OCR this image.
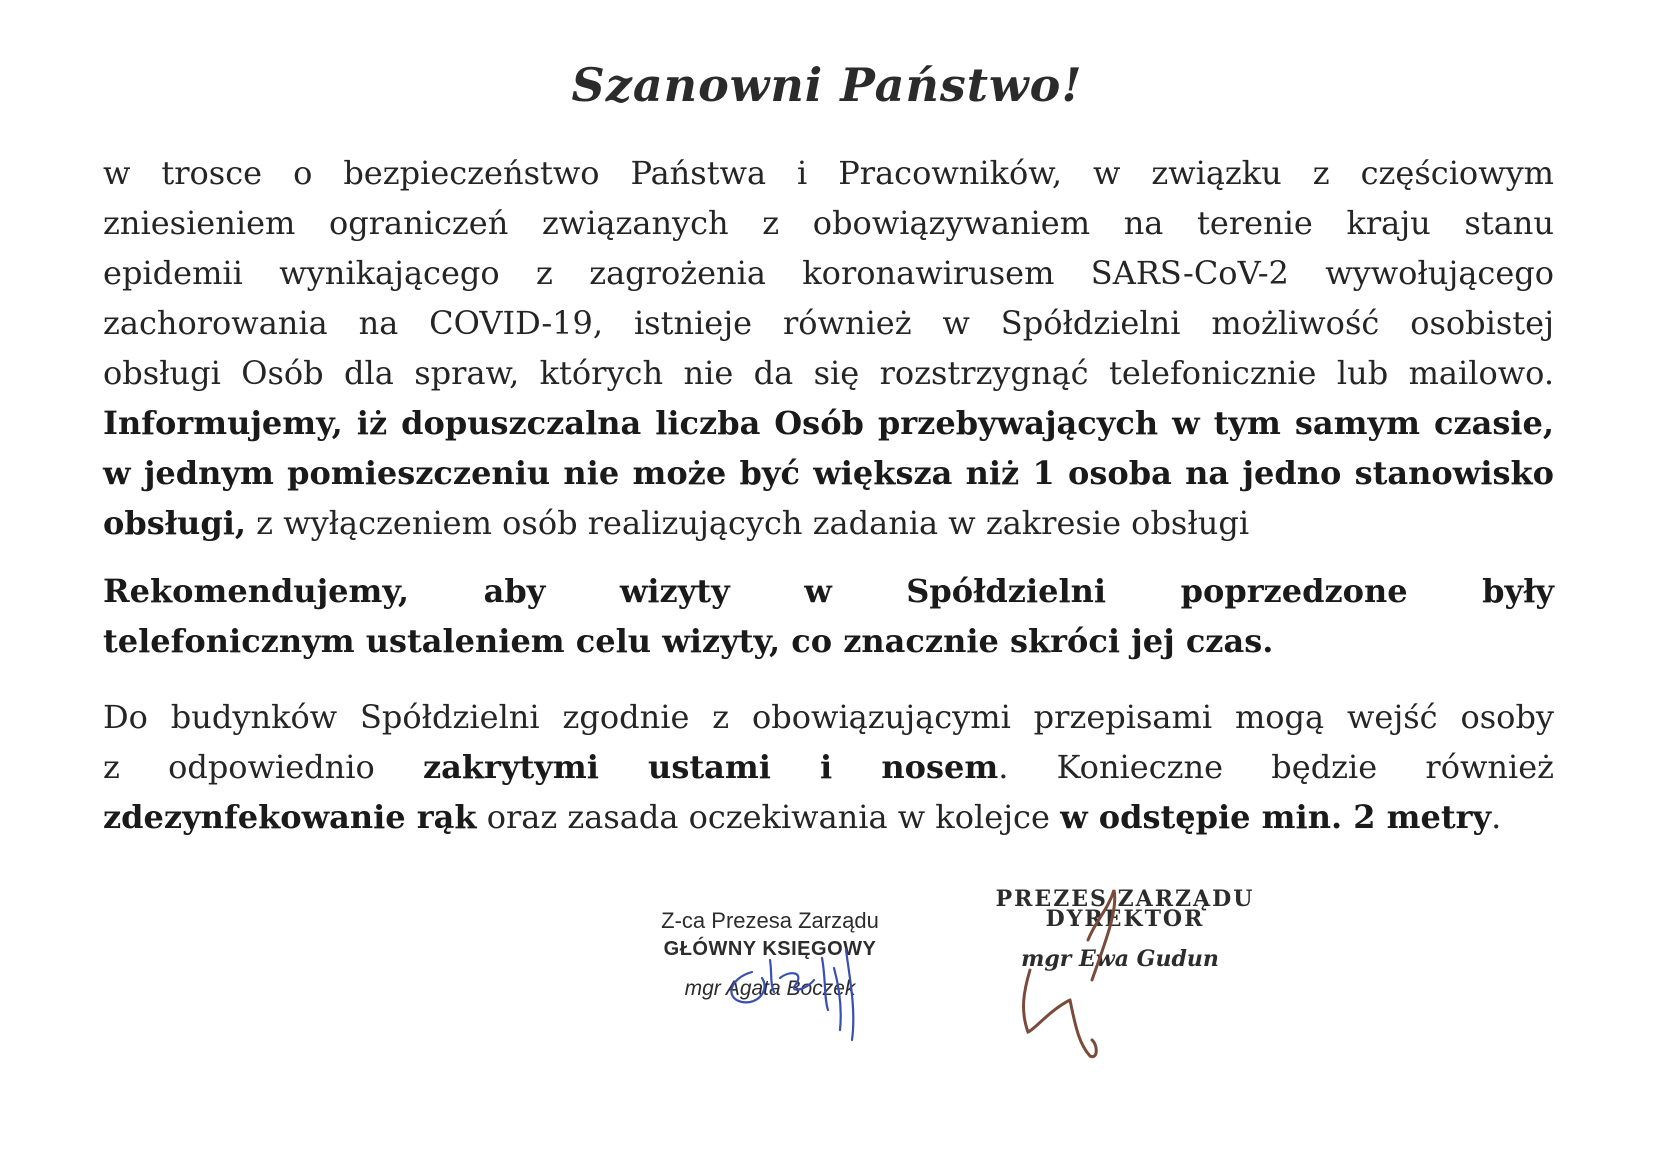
Szanowni Państwo!
w trosce o bezpieczeństwo Państwa i Pracowników, w związku z częściowym
zniesieniem ograniczeń związanych z obowiązywaniem na terenie kraju stanu
epidemii wynikającego z zagrożenia koronawirusem SARS-CoV-2 wywołującego
zachorowania na COVID-19, istnieje również w Spółdzielni możliwość osobistej
obsługi Osób dla spraw, których nie da się rozstrzygnąć telefonicznie lub mailowo.
Informujemy, iż dopuszczalna liczba Osób przebywających w tym samym czasie,
w jednym pomieszczeniu nie może być większa niż 1 osoba na jedno stanowisko
obsługi, z wyłączeniem osób realizujących zadania w zakresie obsługi
Rekomendujemy, aby wizyty w Spółdzielni poprzedzone były
telefonicznym ustaleniem celu wizyty, co znacznie skróci jej czas.
Do budynków Spółdzielni zgodnie z obowiązującymi przepisami mogą wejść osoby
z odpowiednio zakrytymi ustami i nosem. Konieczne będzie również
zdezynfekowanie rąk oraz zasada oczekiwania w kolejce w odstępie min. 2 metry.
Z-ca Prezesa Zarządu
GŁÓWNY KSIĘGOWY
mgr Agata Boczek
PREZES ZARZĄDU
DYREKTOR
mgr Ewa Gudun
